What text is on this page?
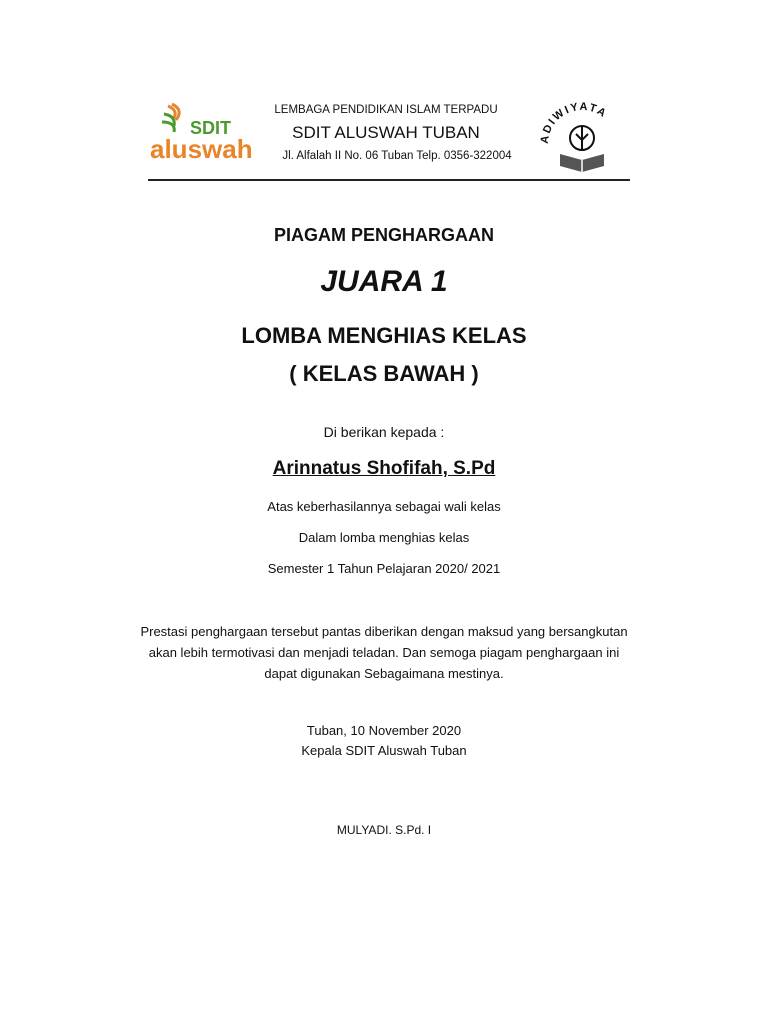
SDIT
aluswah
LEMBAGA PENDIDIKAN ISLAM TERPADU
SDIT ALUSWAH TUBAN
Jl. Alfalah II No. 06 Tuban Telp. 0356-322004
ADIWIYATA
PIAGAM PENGHARGAAN
JUARA 1
LOMBA MENGHIAS KELAS
( KELAS BAWAH )
Di berikan kepada :
Arinnatus Shofifah, S.Pd
Atas keberhasilannya sebagai wali kelas
Dalam lomba menghias kelas
Semester 1 Tahun Pelajaran 2020/ 2021
Prestasi penghargaan tersebut pantas diberikan dengan maksud yang bersangkutan akan lebih termotivasi dan menjadi teladan. Dan semoga piagam penghargaan ini dapat digunakan Sebagaimana mestinya.
Tuban, 10 November 2020
Kepala SDIT Aluswah Tuban
MULYADI. S.Pd. I
